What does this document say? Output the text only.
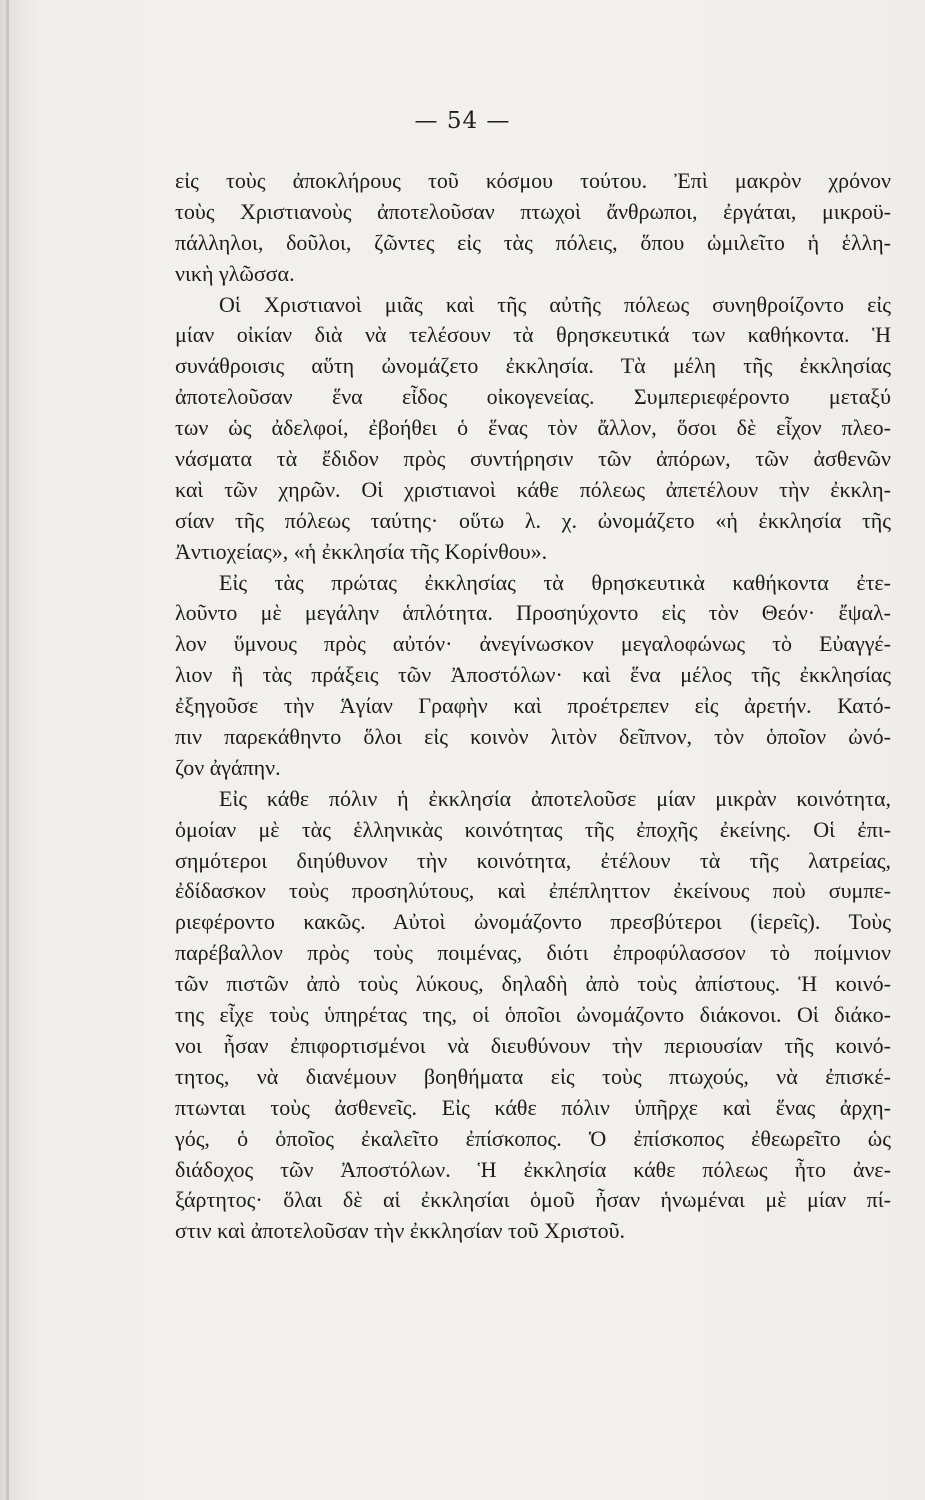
— 54 —
εἰς τοὺς ἀποκλήρους τοῦ κόσμου τούτου. Ἐπὶ μακρὸν χρόνον
τοὺς Χριστιανοὺς ἀποτελοῦσαν πτωχοὶ ἄνθρωποι, ἐργάται, μικροϋ-
πάλληλοι, δοῦλοι, ζῶντες εἰς τὰς πόλεις, ὅπου ὡμιλεῖτο ἡ ἑλλη-
νικὴ γλῶσσα.
Οἱ Χριστιανοὶ μιᾶς καὶ τῆς αὐτῆς πόλεως συνηθροίζοντο εἰς
μίαν οἰκίαν διὰ νὰ τελέσουν τὰ θρησκευτικά των καθήκοντα. Ἡ
συνάθροισις αὕτη ὠνομάζετο ἐκκλησία. Τὰ μέλη τῆς ἐκκλησίας
ἀποτελοῦσαν ἕνα εἶδος οἰκογενείας. Συμπεριεφέροντο μεταξύ
των ὡς ἀδελφοί, ἐβοήθει ὁ ἕνας τὸν ἄλλον, ὅσοι δὲ εἶχον πλεο-
νάσματα τὰ ἔδιδον πρὸς συντήρησιν τῶν ἀπόρων, τῶν ἀσθενῶν
καὶ τῶν χηρῶν. Οἱ χριστιανοὶ κάθε πόλεως ἀπετέλουν τὴν ἐκκλη-
σίαν τῆς πόλεως ταύτης· οὕτω λ. χ. ὠνομάζετο «ἡ ἐκκλησία τῆς
Ἀντιοχείας», «ἡ ἐκκλησία τῆς Κορίνθου».
Εἰς τὰς πρώτας ἐκκλησίας τὰ θρησκευτικὰ καθήκοντα ἐτε-
λοῦντο μὲ μεγάλην ἁπλότητα. Προσηύχοντο εἰς τὸν Θεόν· ἔψαλ-
λον ὕμνους πρὸς αὐτόν· ἀνεγίνωσκον μεγαλοφώνως τὸ Εὐαγγέ-
λιον ἢ τὰς πράξεις τῶν Ἀποστόλων· καὶ ἕνα μέλος τῆς ἐκκλησίας
ἐξηγοῦσε τὴν Ἁγίαν Γραφὴν καὶ προέτρεπεν εἰς ἀρετήν. Κατό-
πιν παρεκάθηντο ὅλοι εἰς κοινὸν λιτὸν δεῖπνον, τὸν ὁποῖον ὠνό-
ζον ἀγάπην.
Εἰς κάθε πόλιν ἡ ἐκκλησία ἀποτελοῦσε μίαν μικρὰν κοινότητα,
ὁμοίαν μὲ τὰς ἑλληνικὰς κοινότητας τῆς ἐποχῆς ἐκείνης. Οἱ ἐπι-
σημότεροι διηύθυνον τὴν κοινότητα, ἐτέλουν τὰ τῆς λατρείας,
ἐδίδασκον τοὺς προσηλύτους, καὶ ἐπέπληττον ἐκείνους ποὺ συμπε-
ριεφέροντο κακῶς. Αὐτοὶ ὠνομάζοντο πρεσβύτεροι (ἱερεῖς). Τοὺς
παρέβαλλον πρὸς τοὺς ποιμένας, διότι ἐπροφύλασσον τὸ ποίμνιον
τῶν πιστῶν ἀπὸ τοὺς λύκους, δηλαδὴ ἀπὸ τοὺς ἀπίστους. Ἡ κοινό-
της εἶχε τοὺς ὑπηρέτας της, οἱ ὁποῖοι ὠνομάζοντο διάκονοι. Οἱ διάκο-
νοι ἦσαν ἐπιφορτισμένοι νὰ διευθύνουν τὴν περιουσίαν τῆς κοινό-
τητος, νὰ διανέμουν βοηθήματα εἰς τοὺς πτωχούς, νὰ ἐπισκέ-
πτωνται τοὺς ἀσθενεῖς. Εἰς κάθε πόλιν ὑπῆρχε καὶ ἕνας ἀρχη-
γός, ὁ ὁποῖος ἐκαλεῖτο ἐπίσκοπος. Ὁ ἐπίσκοπος ἐθεωρεῖτο ὡς
διάδοχος τῶν Ἀποστόλων. Ἡ ἐκκλησία κάθε πόλεως ἦτο ἀνε-
ξάρτητος· ὅλαι δὲ αἱ ἐκκλησίαι ὁμοῦ ἦσαν ἡνωμέναι μὲ μίαν πί-
στιν καὶ ἀποτελοῦσαν τὴν ἐκκλησίαν τοῦ Χριστοῦ.
